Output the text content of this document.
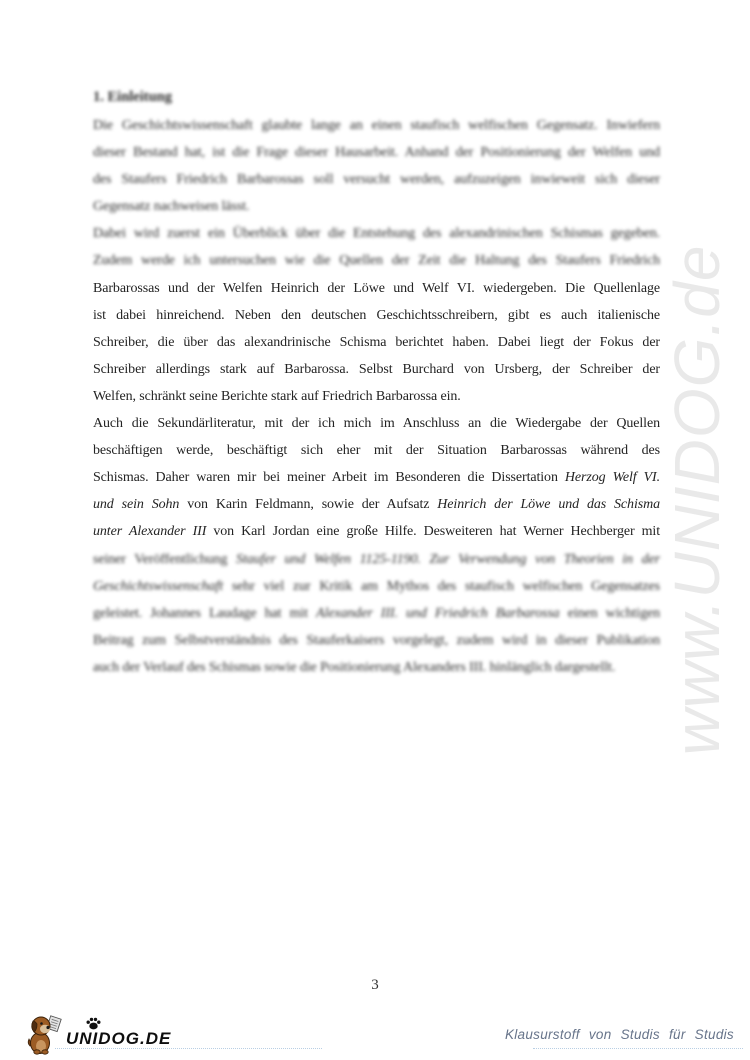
1. Einleitung
Die Geschichtswissenschaft glaubte lange an einen staufisch welfischen Gegensatz. Inwiefern
dieser Bestand hat, ist die Frage dieser Hausarbeit. Anhand der Positionierung der Welfen und
des Staufers Friedrich Barbarossas soll versucht werden, aufzuzeigen inwieweit sich dieser
Gegensatz nachweisen lässt.
Dabei wird zuerst ein Überblick über die Entstehung des alexandrinischen Schismas gegeben.
Zudem werde ich untersuchen wie die Quellen der Zeit die Haltung des Staufers Friedrich
Barbarossas und der Welfen Heinrich der Löwe und Welf VI. wiedergeben. Die Quellenlage
ist dabei hinreichend. Neben den deutschen Geschichtsschreibern, gibt es auch italienische
Schreiber, die über das alexandrinische Schisma berichtet haben. Dabei liegt der Fokus der
Schreiber allerdings stark auf Barbarossa. Selbst Burchard von Ursberg, der Schreiber der
Welfen, schränkt seine Berichte stark auf Friedrich Barbarossa ein.
Auch die Sekundärliteratur, mit der ich mich im Anschluss an die Wiedergabe der Quellen
beschäftigen werde, beschäftigt sich eher mit der Situation Barbarossas während des
Schismas. Daher waren mir bei meiner Arbeit im Besonderen die Dissertation Herzog Welf VI.
und sein Sohn von Karin Feldmann, sowie der Aufsatz Heinrich der Löwe und das Schisma
unter Alexander III von Karl Jordan eine große Hilfe. Desweiteren hat Werner Hechberger mit
seiner Veröffentlichung Staufer und Welfen 1125-1190. Zur Verwendung von Theorien in der
Geschichtswissenschaft sehr viel zur Kritik am Mythos des staufisch welfischen Gegensatzes
geleistet. Johannes Laudage hat mit Alexander III. und Friedrich Barbarossa einen wichtigen
Beitrag zum Selbstverständnis des Stauferkaisers vorgelegt, zudem wird in dieser Publikation
auch der Verlauf des Schismas sowie die Positionierung Alexanders III. hinlänglich dargestellt. www.UNIDOG.de
3
UNIDOG.DE	Klausurstoff von Studis für Studis
